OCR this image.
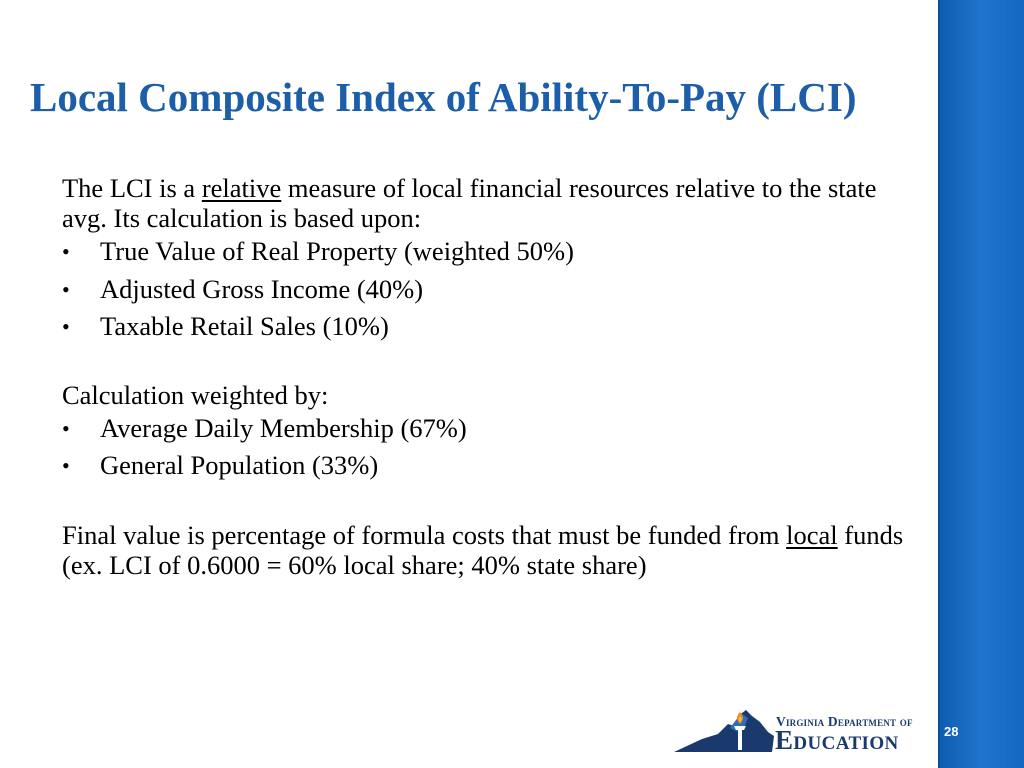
Local Composite Index of Ability-To-Pay (LCI)

The LCI is a relative measure of local financial resources relative to the state avg. Its calculation is based upon:

• True Value of Real Property (weighted 50%)
• Adjusted Gross Income (40%)
• Taxable Retail Sales (10%)

Calculation weighted by:

• Average Daily Membership (67%)
• General Population (33%)

Final value is percentage of formula costs that must be funded from local funds (ex. LCI of 0.6000 = 60% local share; 40% state share)

Virginia Department of
Education	28
